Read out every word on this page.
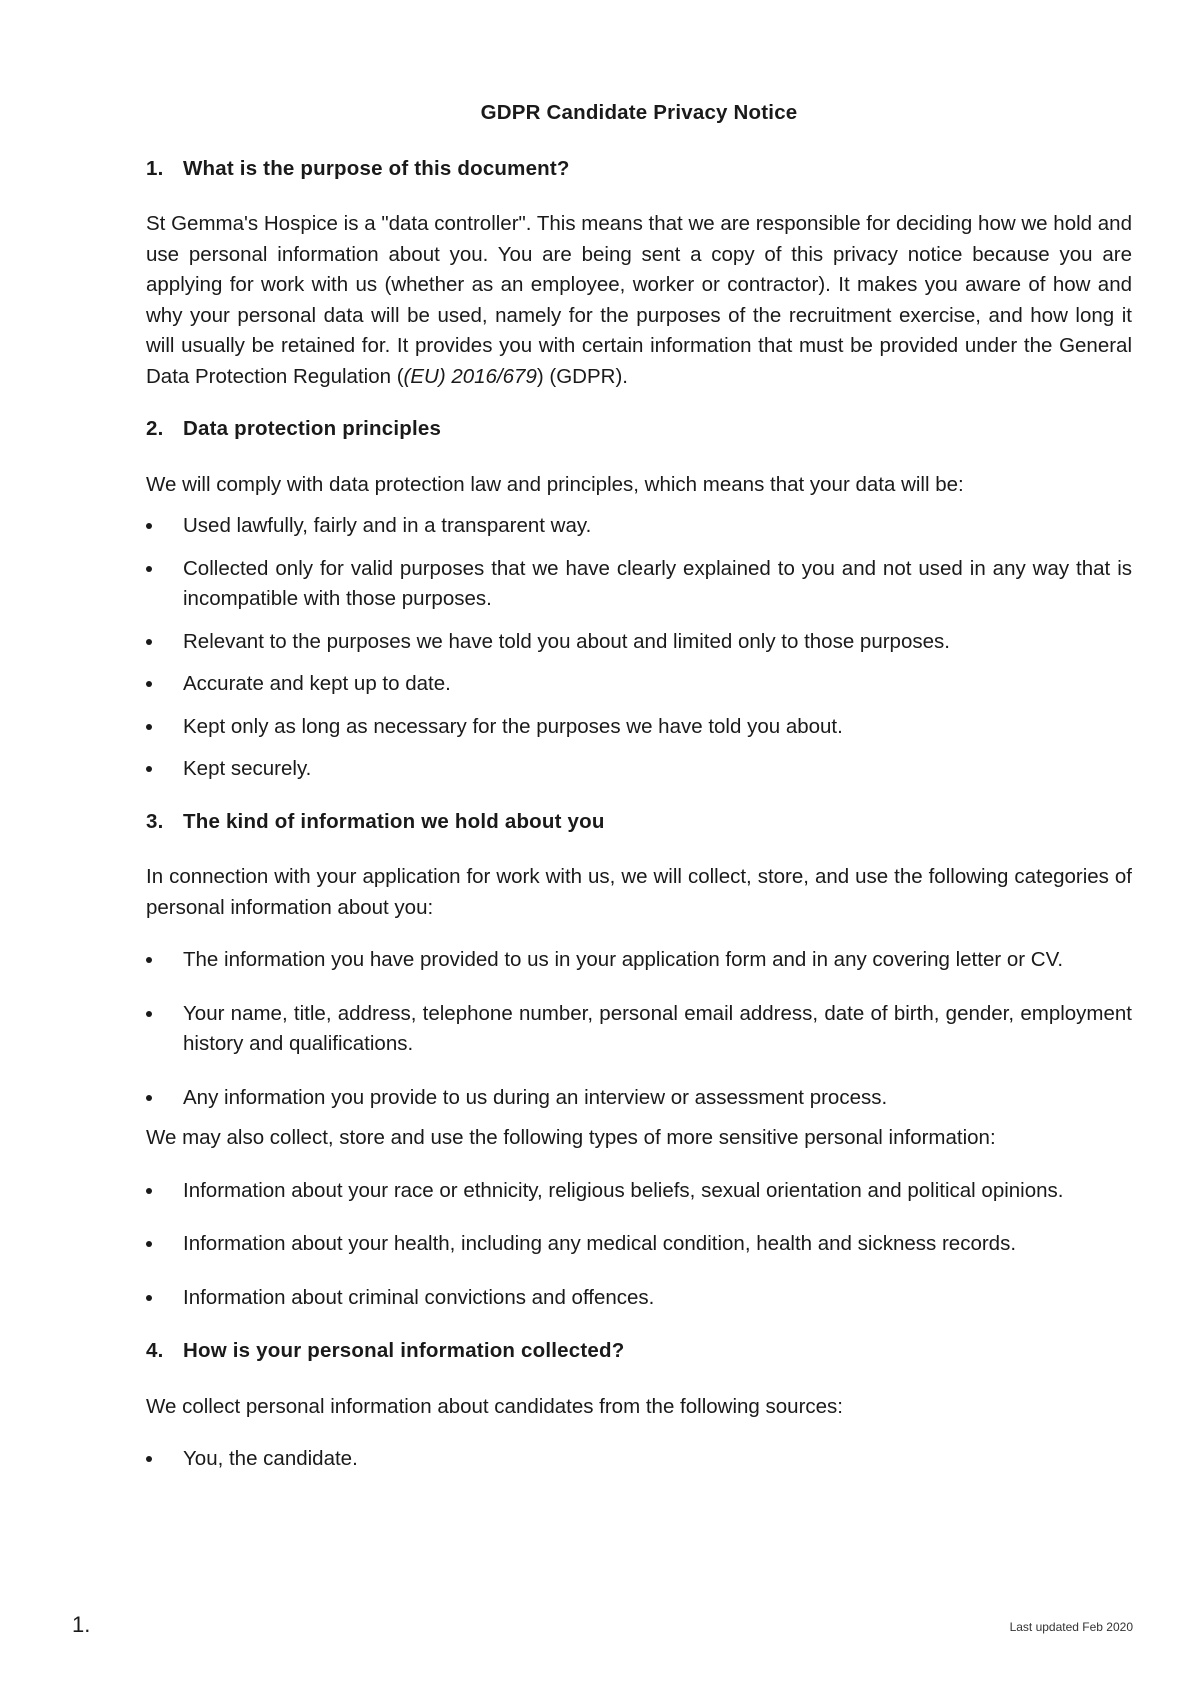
GDPR Candidate Privacy Notice
1. What is the purpose of this document?

St Gemma's Hospice is a "data controller". This means that we are responsible for deciding how we hold and use personal information about you. You are being sent a copy of this privacy notice because you are applying for work with us (whether as an employee, worker or contractor). It makes you aware of how and why your personal data will be used, namely for the purposes of the recruitment exercise, and how long it will usually be retained for. It provides you with certain information that must be provided under the General Data Protection Regulation ((EU) 2016/679) (GDPR).

2. Data protection principles

We will comply with data protection law and principles, which means that your data will be:

Used lawfully, fairly and in a transparent way.
Collected only for valid purposes that we have clearly explained to you and not used in any way that is incompatible with those purposes.
Relevant to the purposes we have told you about and limited only to those purposes.
Accurate and kept up to date.
Kept only as long as necessary for the purposes we have told you about.
Kept securely.
3. The kind of information we hold about you

In connection with your application for work with us, we will collect, store, and use the following categories of personal information about you:

The information you have provided to us in your application form and in any covering letter or CV.
Your name, title, address, telephone number, personal email address, date of birth, gender, employment history and qualifications.
Any information you provide to us during an interview or assessment process.

We may also collect, store and use the following types of more sensitive personal information:

Information about your race or ethnicity, religious beliefs, sexual orientation and political opinions.
Information about your health, including any medical condition, health and sickness records.
Information about criminal convictions and offences.
4. How is your personal information collected?

We collect personal information about candidates from the following sources:

You, the candidate.
1.	Last updated Feb 2020
